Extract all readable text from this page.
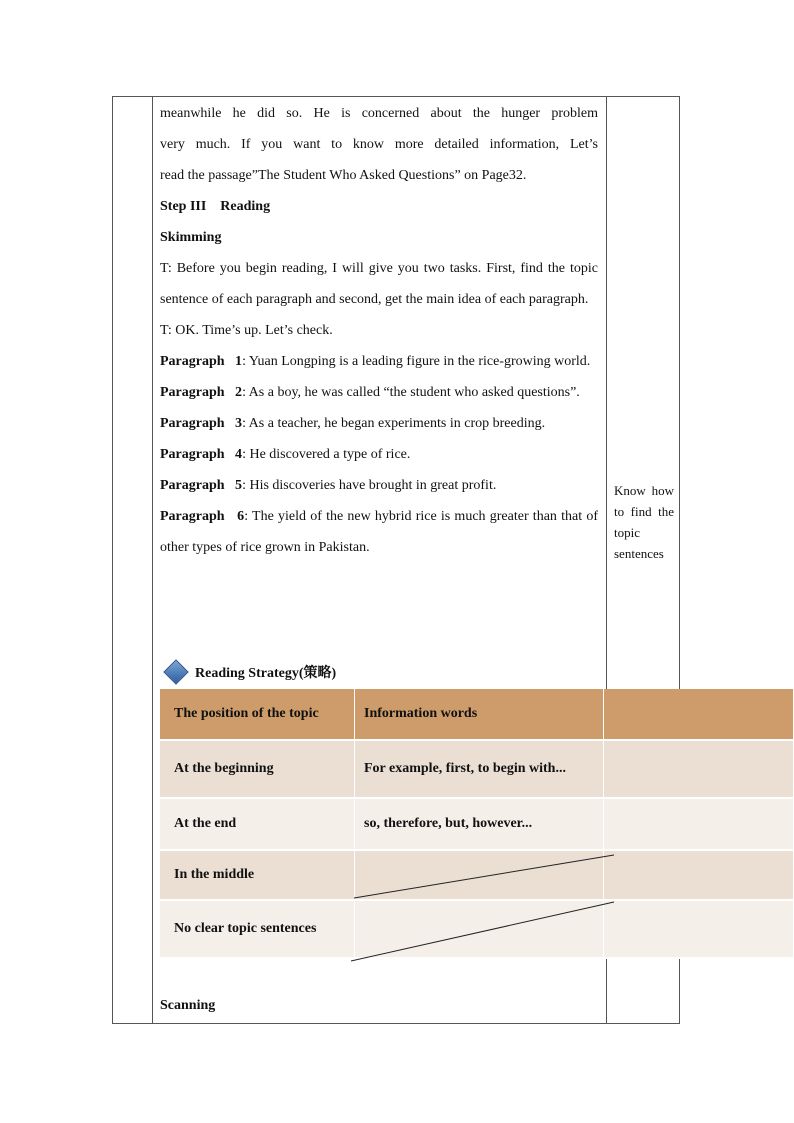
meanwhile he did so. He is concerned about the hunger problem

very much. If you want to know more detailed information, Let’s

read the passage”The Student Who Asked Questions” on Page32.

Step III    Reading

Skimming

T: Before you begin reading, I will give you two tasks. First, find the topic sentence of each paragraph and second, get the main idea of each paragraph.

T: OK. Time’s up. Let’s check.

Paragraph   1: Yuan Longping is a leading figure in the rice-growing world.

Paragraph   2: As a boy, he was called “the student who asked questions”.

Paragraph   3: As a teacher, he began experiments in crop breeding.

Paragraph   4: He discovered a type of rice.

Paragraph   5: His discoveries have brought in great profit.

Paragraph   6: The yield of the new hybrid rice is much greater than that of other types of rice grown in Pakistan.

Know how to find the topic sentences
Reading Strategy(策略)
The position of the topic	Information words	
At the beginning	For example, first, to begin with...	
At the end	so, therefore, but, however...	
In the middle		
No clear topic sentences		
Scanning
